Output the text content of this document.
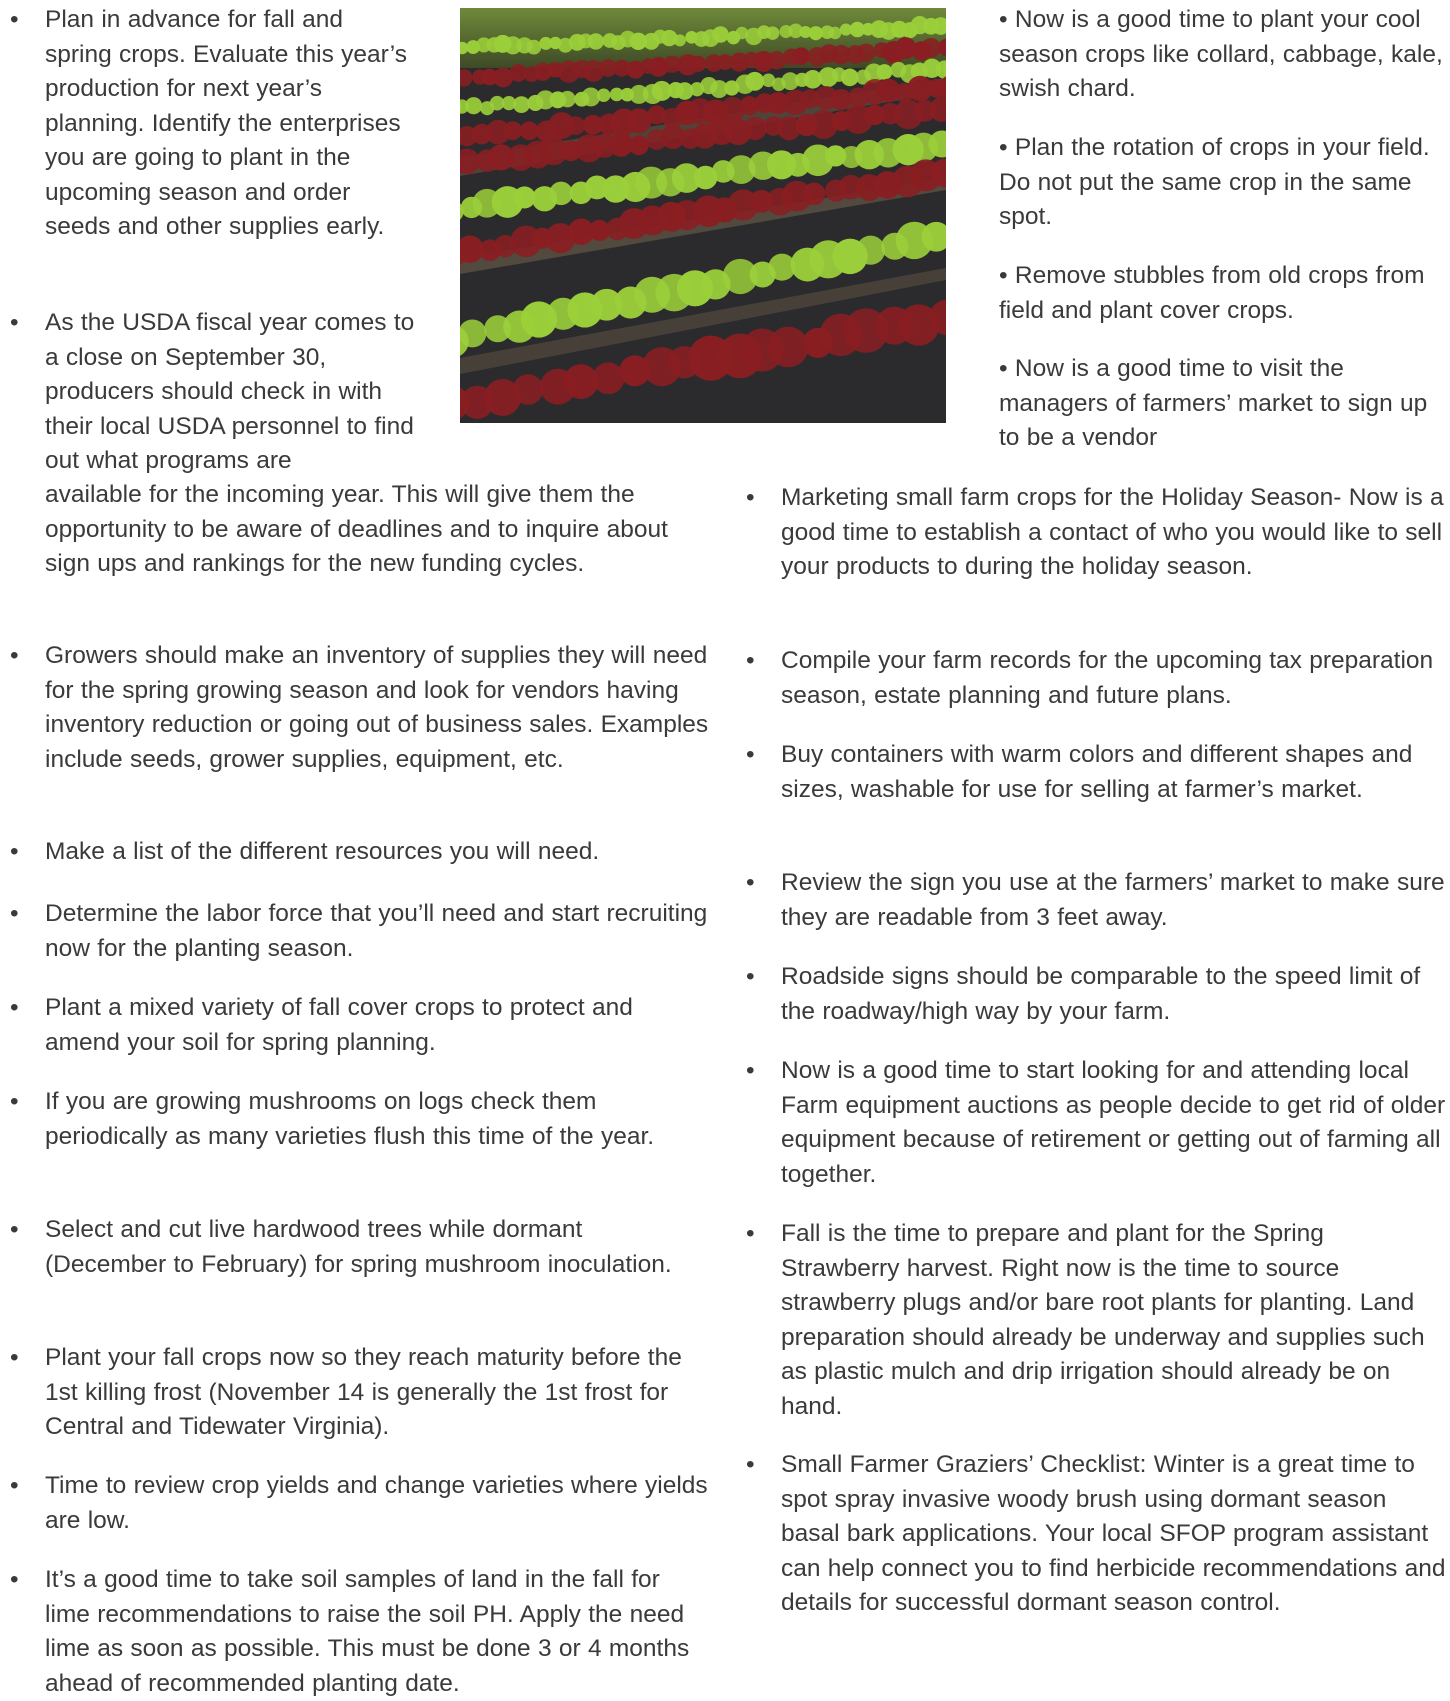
• Plan in advance for fall and spring crops. Evaluate this year’s production for next year’s planning. Identify the enterprises you are going to plant in the upcoming season and order seeds and other supplies early.

• As the USDA fiscal year comes to a close on September 30, producers should check in with their local USDA personnel to find out what programs are

available for the incoming year. This will give them the opportunity to be aware of deadlines and to inquire about sign ups and rankings for the new funding cycles.

• Growers should make an inventory of supplies they will need for the spring growing season and look for vendors having inventory reduction or going out of business sales. Examples include seeds, grower supplies, equipment, etc.

• Make a list of the different resources you will need.

• Determine the labor force that you’ll need and start recruiting now for the planting season.

• Plant a mixed variety of fall cover crops to protect and amend your soil for spring planning.

• If you are growing mushrooms on logs check them periodically as many varieties flush this time of the year.

• Select and cut live hardwood trees while dormant (December to February) for spring mushroom inoculation.

• Plant your fall crops now so they reach maturity before the 1st killing frost (November 14 is generally the 1st frost for Central and Tidewater Virginia).

• Time to review crop yields and change varieties where yields are low.

• It’s a good time to take soil samples of land in the fall for lime recommendations to raise the soil PH. Apply the need lime as soon as possible. This must be done 3 or 4 months ahead of recommended planting date.

• Now is a good time to plant your cool season crops like collard, cabbage, kale, swish chard.

• Plan the rotation of crops in your field. Do not put the same crop in the same spot.

• Remove stubbles from old crops from field and plant cover crops.

• Now is a good time to visit the managers of farmers’ market to sign up to be a vendor

• Marketing small farm crops for the Holiday Season- Now is a good time to establish a contact of who you would like to sell your products to during the holiday season.

• Compile your farm records for the upcoming tax preparation season, estate planning and future plans.

• Buy containers with warm colors and different shapes and sizes, washable for use for selling at farmer’s market.

• Review the sign you use at the farmers’ market to make sure they are readable from 3 feet away.

• Roadside signs should be comparable to the speed limit of the roadway/high way by your farm.

• Now is a good time to start looking for and attending local Farm equipment auctions as people decide to get rid of older equipment because of retirement or getting out of farming all together.

• Fall is the time to prepare and plant for the Spring Strawberry harvest. Right now is the time to source strawberry plugs and/or bare root plants for planting. Land preparation should already be underway and supplies such as plastic mulch and drip irrigation should already be on hand.

• Small Farmer Graziers’ Checklist: Winter is a great time to spot spray invasive woody brush using dormant season basal bark applications. Your local SFOP program assistant can help connect you to find herbicide recommendations and details for successful dormant season control.
